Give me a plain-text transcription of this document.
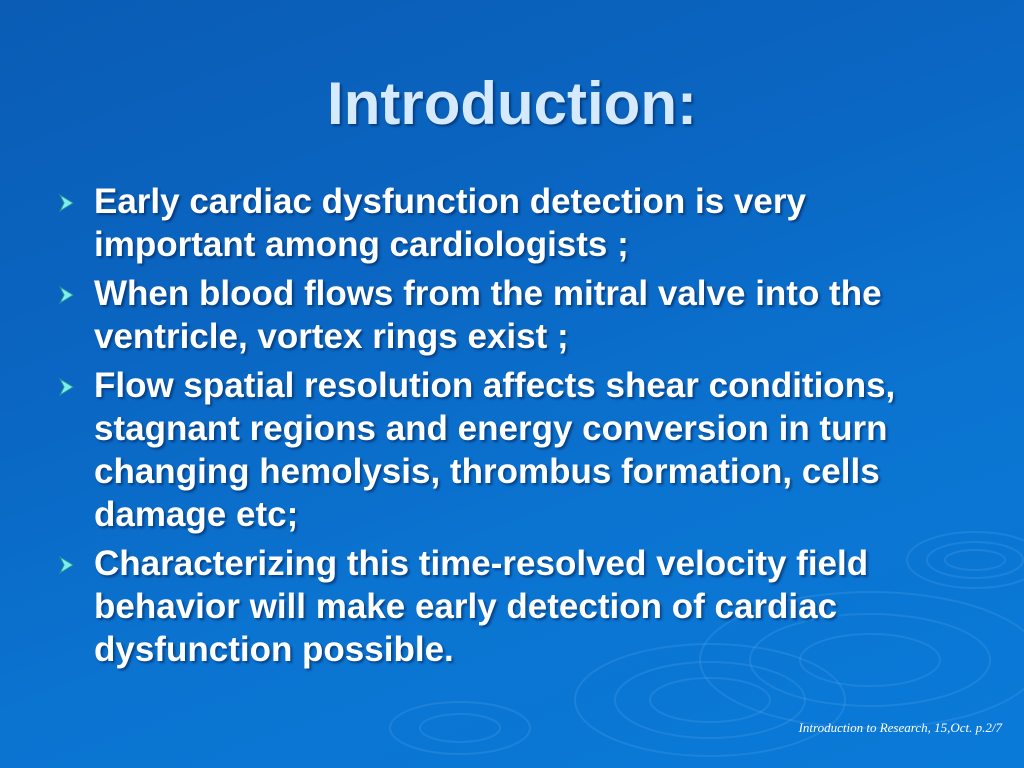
Introduction:
Early cardiac dysfunction detection is very important among cardiologists ;
When blood flows from the mitral valve into the ventricle, vortex rings exist ;
Flow spatial resolution affects shear conditions, stagnant regions and energy conversion in turn changing hemolysis, thrombus formation, cells damage etc;
Characterizing this time-resolved velocity field behavior will make early detection of cardiac dysfunction possible.
Introduction to Research, 15,Oct. p.2/7
